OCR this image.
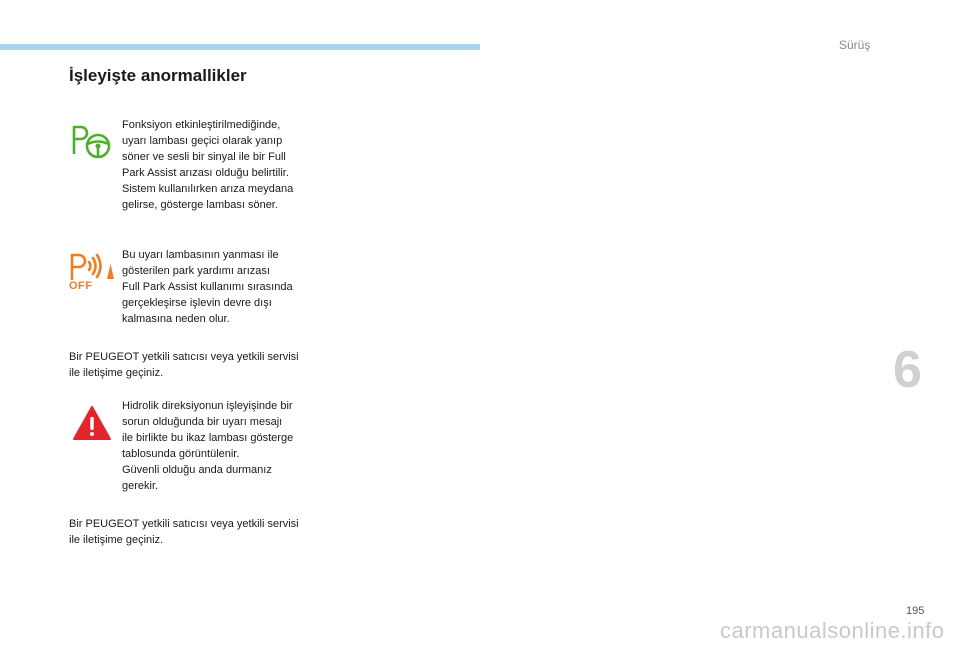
Sürüş
İşleyişte anormallikler
Fonksiyon etkinleştirilmediğinde,
uyarı lambası geçici olarak yanıp
söner ve sesli bir sinyal ile bir Full
Park Assist arızası olduğu belirtilir.
Sistem kullanılırken arıza meydana
gelirse, gösterge lambası söner.
OFF
Bu uyarı lambasının yanması ile
gösterilen park yardımı arızası
Full Park Assist kullanımı sırasında
gerçekleşirse işlevin devre dışı
kalmasına neden olur.
Bir PEUGEOT yetkili satıcısı veya yetkili servisi
ile iletişime geçiniz.
Hidrolik direksiyonun işleyişinde bir
sorun olduğunda bir uyarı mesajı
ile birlikte bu ikaz lambası gösterge
tablosunda görüntülenir.
Güvenli olduğu anda durmanız
gerekir.
Bir PEUGEOT yetkili satıcısı veya yetkili servisi
ile iletişime geçiniz.
6
195
carmanualsonline.info
